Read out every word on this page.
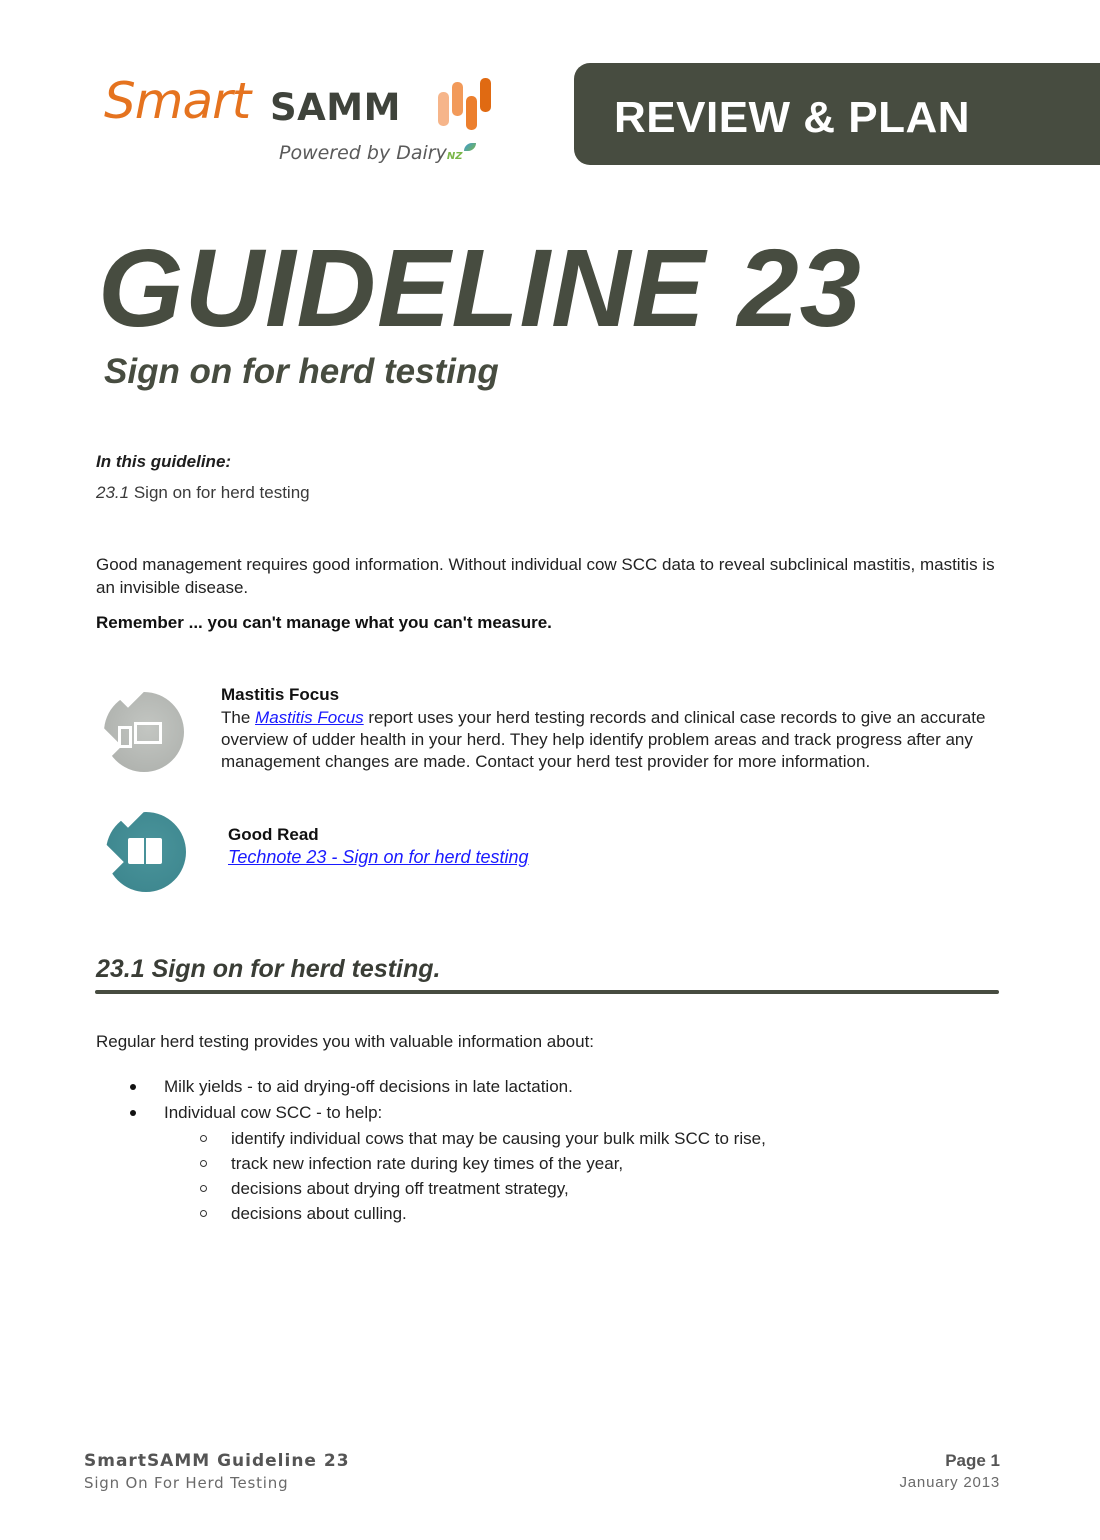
Smart SAMM
Powered by DairyNZ
REVIEW & PLAN
GUIDELINE 23
Sign on for herd testing
In this guideline:
23.1 Sign on for herd testing

Good management requires good information. Without individual cow SCC data to reveal subclinical mastitis, mastitis is an invisible disease.

Remember ... you can't manage what you can't measure.

Mastitis Focus

The Mastitis Focus report uses your herd testing records and clinical case records to give an accurate overview of udder health in your herd. They help identify problem areas and track progress after any management changes are made. Contact your herd test provider for more information.

Good Read
Technote 23 - Sign on for herd testing
23.1 Sign on for herd testing.

Regular herd testing provides you with valuable information about:

Milk yields - to aid drying-off decisions in late lactation.
Individual cow SCC - to help:
identify individual cows that may be causing your bulk milk SCC to rise,
track new infection rate during key times of the year,
decisions about drying off treatment strategy,
decisions about culling.
SmartSAMM Guideline 23
Sign On For Herd Testing
Page 1
January 2013
